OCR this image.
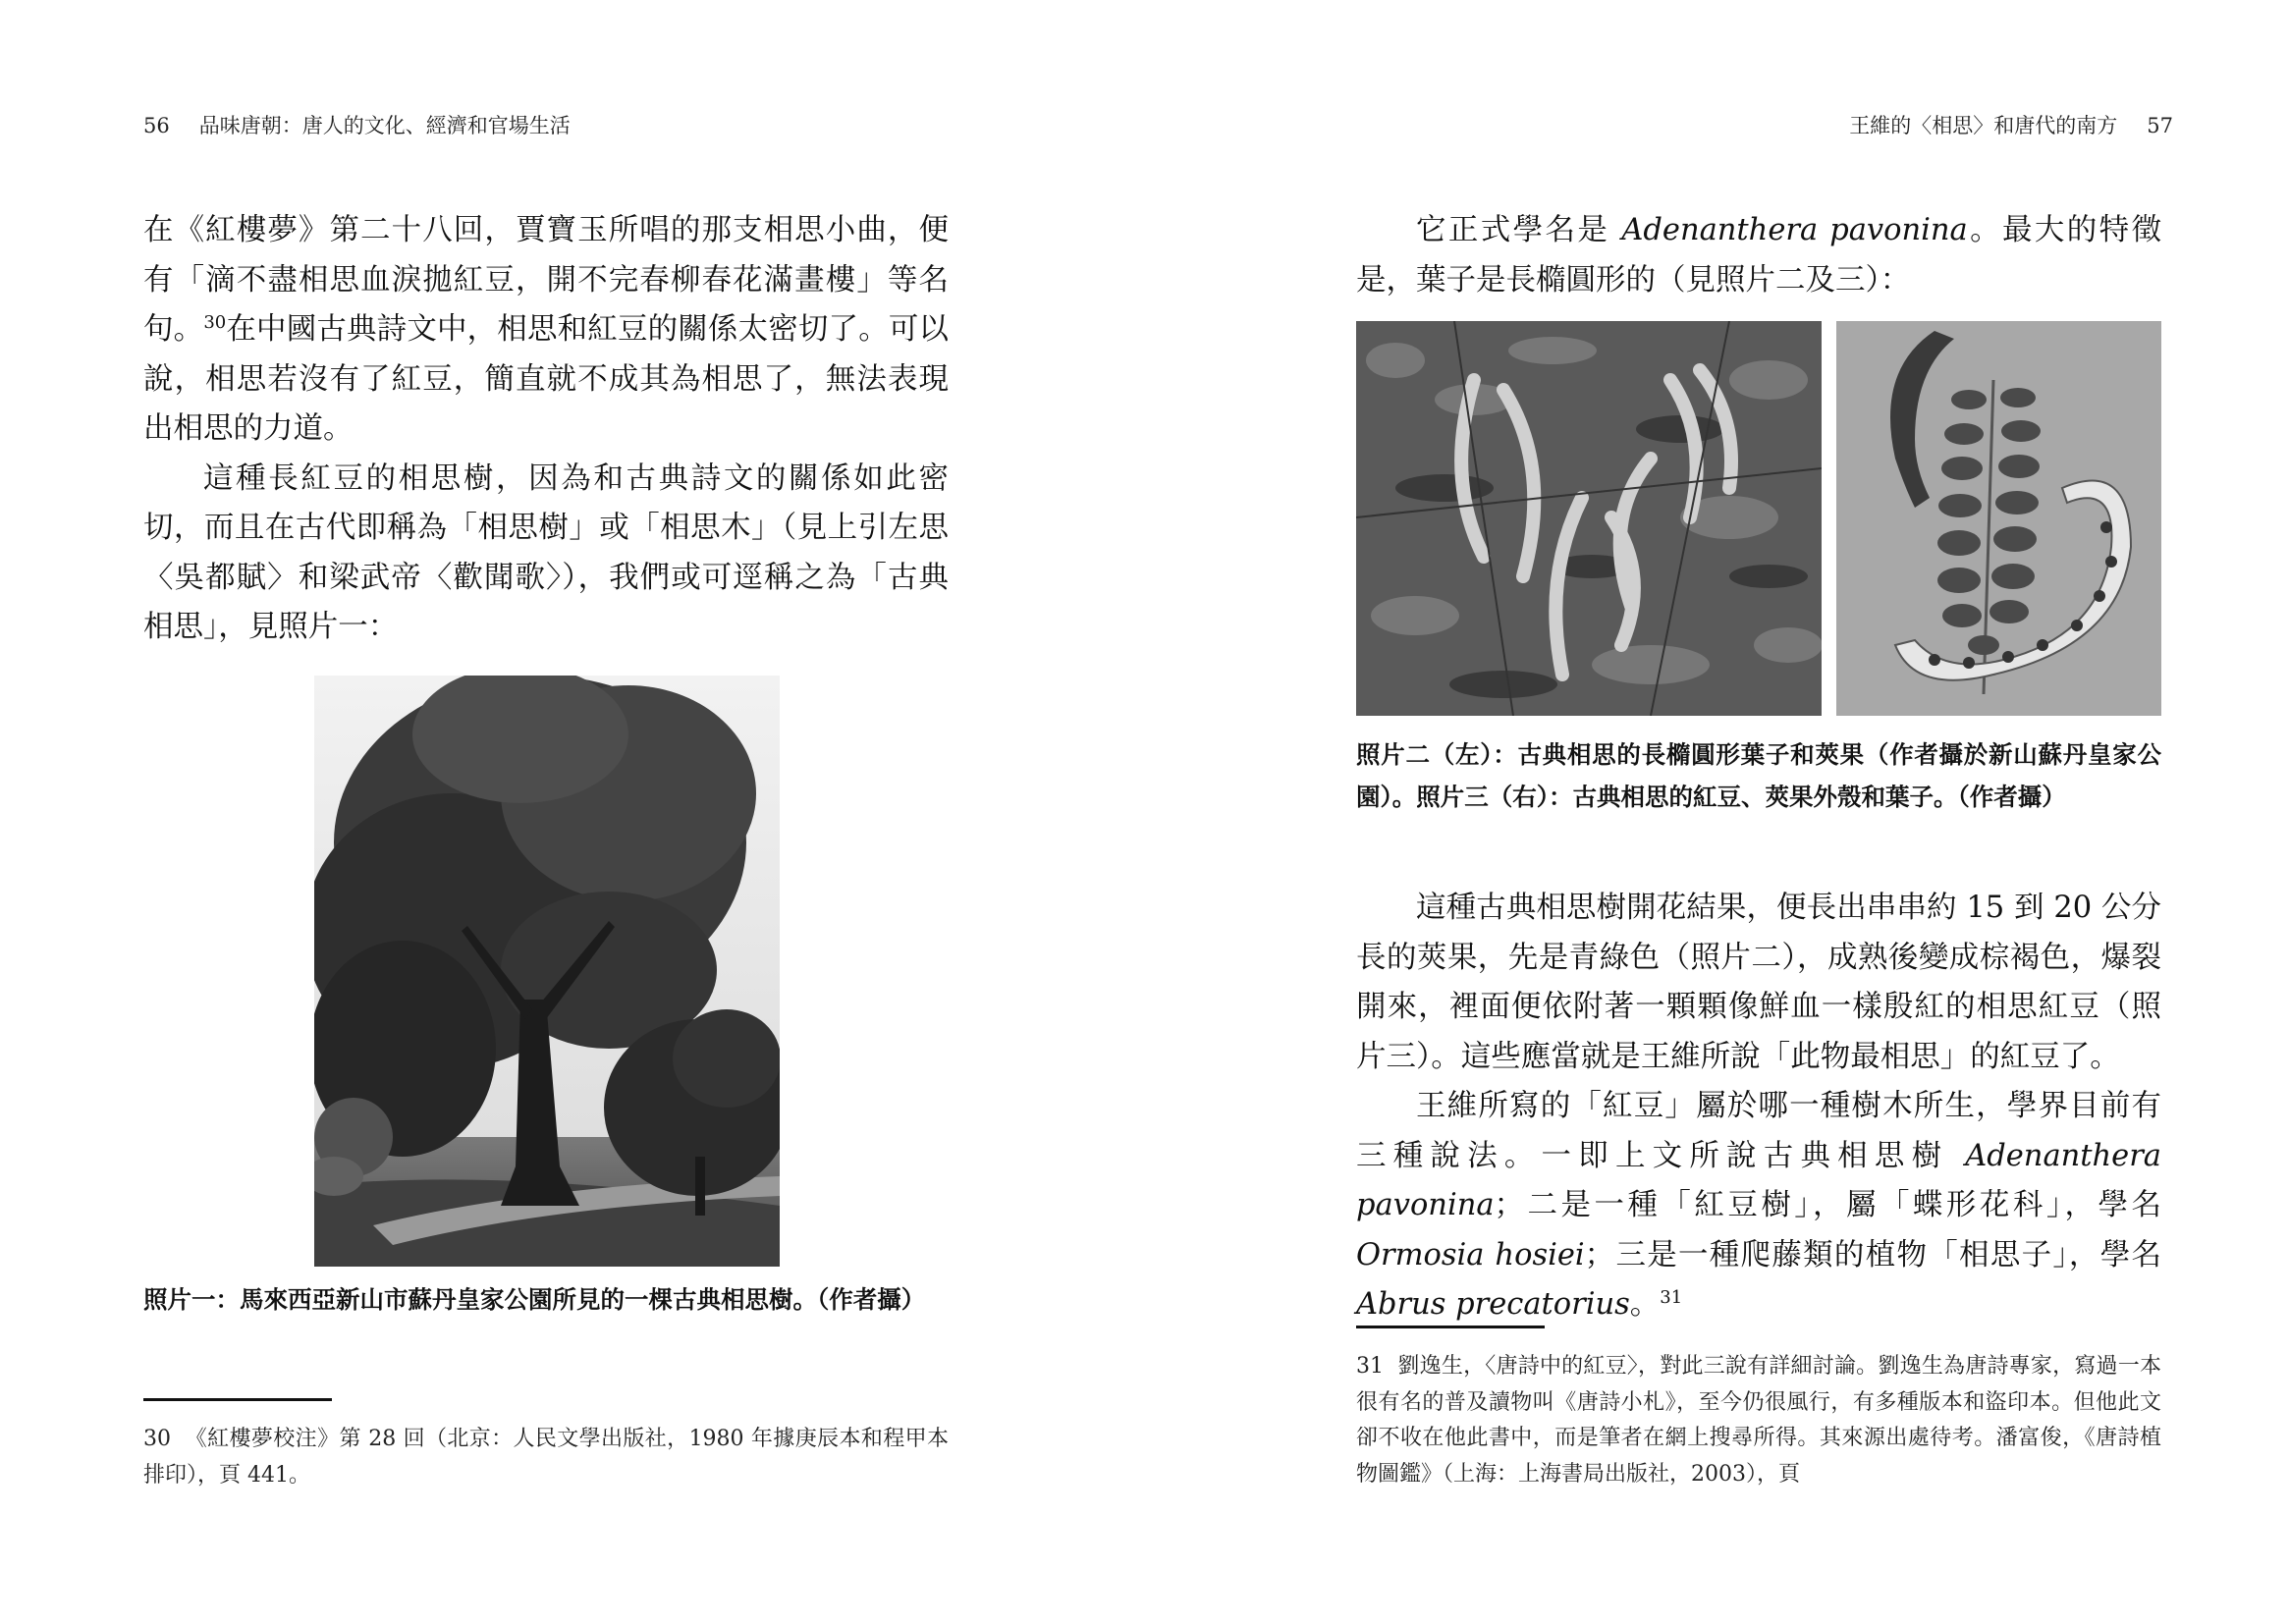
56 品味唐朝：唐人的文化、經濟和官場生活

在《紅樓夢》第二十八回，賈寶玉所唱的那支相思小曲，便有「滴不盡相思血淚拋紅豆，開不完春柳春花滿畫樓」等名句。$^{30}$在中國古典詩文中，相思和紅豆的關係太密切了。可以說，相思若沒有了紅豆，簡直就不成其為相思了，無法表現出相思的力道。

這種長紅豆的相思樹，因為和古典詩文的關係如此密切，而且在古代即稱為「相思樹」或「相思木」（見上引左思〈吳都賦〉和梁武帝〈歡聞歌〉），我們或可逕稱之為「古典相思」，見照片一：

照片一：馬來西亞新山市蘇丹皇家公園所見的一棵古典相思樹。（作者攝）
30 《紅樓夢校注》第 28 回（北京：人民文學出版社，1980 年據庚辰本和程甲本排印），頁 441。
王維的〈相思〉和唐代的南方 57

它正式學名是 Adenanthera pavonina。最大的特徵是，葉子是長橢圓形的（見照片二及三）：

照片二（左）：古典相思的長橢圓形葉子和莢果（作者攝於新山蘇丹皇家公園）。照片三（右）：古典相思的紅豆、莢果外殼和葉子。（作者攝）

這種古典相思樹開花結果，便長出串串約 15 到 20 公分長的莢果，先是青綠色（照片二），成熟後變成棕褐色，爆裂開來，裡面便依附著一顆顆像鮮血一樣殷紅的相思紅豆（照片三）。這些應當就是王維所說「此物最相思」的紅豆了。

王維所寫的「紅豆」屬於哪一種樹木所生，學界目前有三種說法。一即上文所說古典相思樹 Adenanthera pavonina；二是一種「紅豆樹」，屬「蝶形花科」，學名 Ormosia hosiei；三是一種爬藤類的植物「相思子」，學名 Abrus precatorius。$^{31}$

31 劉逸生，〈唐詩中的紅豆〉，對此三說有詳細討論。劉逸生為唐詩專家，寫過一本很有名的普及讀物叫《唐詩小札》，至今仍很風行，有多種版本和盜印本。但他此文卻不收在他此書中，而是筆者在網上搜尋所得。其來源出處待考。潘富俊，《唐詩植物圖鑑》（上海：上海書局出版社，2003），頁
